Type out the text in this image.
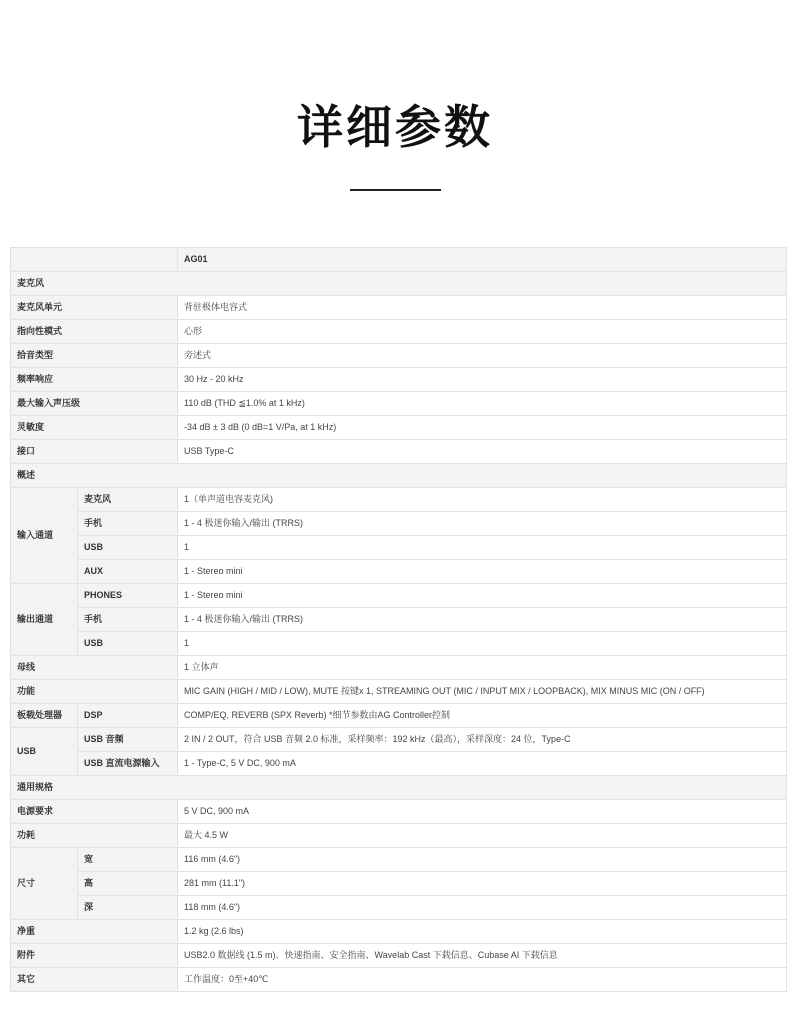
详细参数
		AG01
麦克风		
麦克风单元		背驻极体电容式
指向性模式		心形
拾音类型		旁述式
频率响应		30 Hz - 20 kHz
最大输入声压级		110 dB (THD ≦1.0% at 1 kHz)
灵敏度		-34 dB ± 3 dB (0 dB=1 V/Pa, at 1 kHz)
接口		USB Type-C
概述		
输入通道	麦克风	1（单声道电容麦克风)
	手机	1 - 4 极迷你输入/输出 (TRRS)
	USB	1
	AUX	1 - Stereo mini
输出通道	PHONES	1 - Stereo mini
	手机	1 - 4 极迷你输入/输出 (TRRS)
	USB	1
母线		1 立体声
功能		MIC GAIN (HIGH / MID / LOW), MUTE 按键x 1, STREAMING OUT (MIC / INPUT MIX / LOOPBACK), MIX MINUS MIC (ON / OFF)
板载处理器	DSP	COMP/EQ, REVERB (SPX Reverb) *细节参数由AG Controller控制
USB	USB 音频	2 IN / 2 OUT，符合 USB 音频 2.0 标准，采样频率：192 kHz（最高），采样深度：24 位，Type-C
	USB 直流电源输入	1 - Type-C, 5 V DC, 900 mA
通用规格		
电源要求		5 V DC, 900 mA
功耗		最大 4.5 W
尺寸	宽	116 mm (4.6")
	高	281 mm (11.1")
	深	118 mm (4.6")
净重		1.2 kg (2.6 lbs)
附件		USB2.0 数据线 (1.5 m)、快速指南、安全指南、Wavelab Cast 下载信息、Cubase AI 下载信息
其它		工作温度：0至+40℃
